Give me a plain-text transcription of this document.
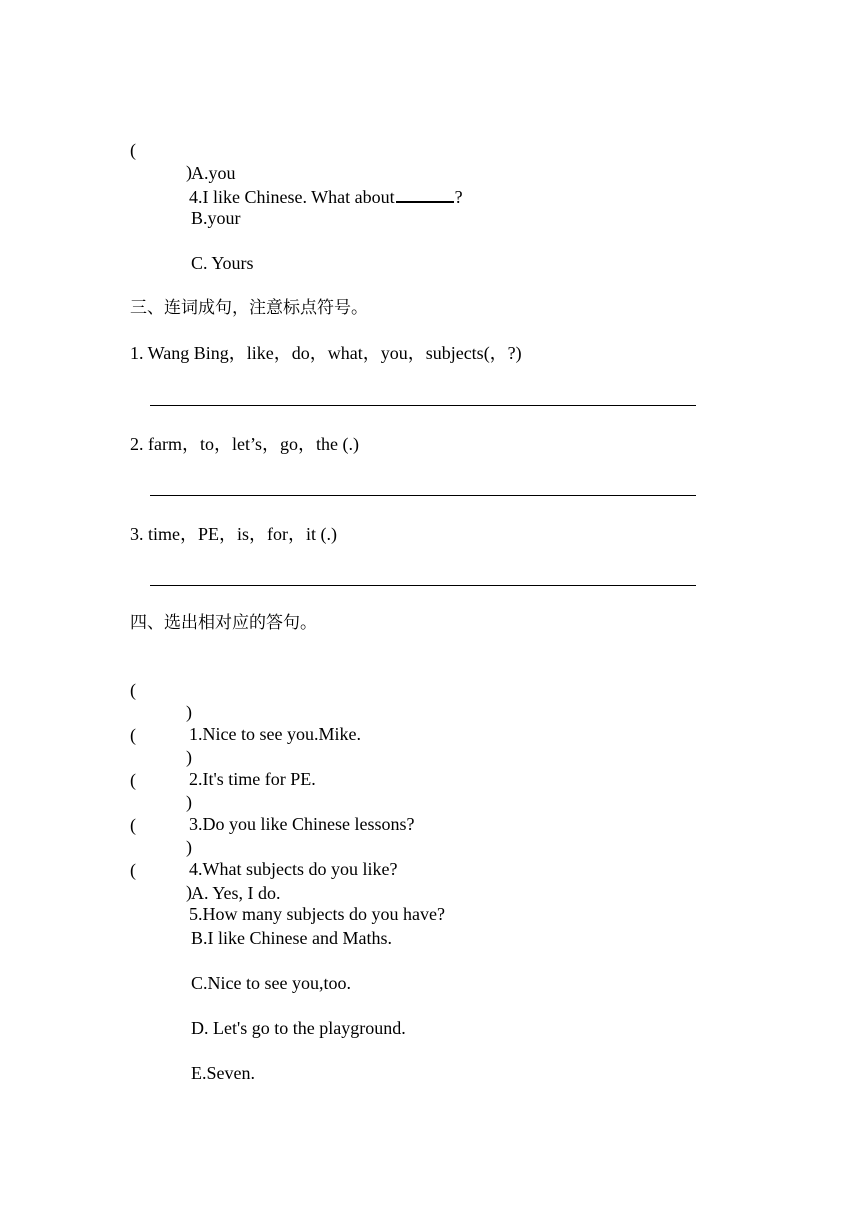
(

)

4.I like Chinese. What about	?

A.you
B.your
C. Yours
三、连词成句，注意标点符号。
1. Wang Bing，like，do，what，you，subjects(，?)
2. farm，to，let’s，go，the (.)
3. time，PE，is，for，it (.)
四、选出相对应的答句。

(

)

1.Nice to see you.Mike.

(

)

2.It's time for PE.

(

)

3.Do you like Chinese lessons?

(

)

4.What subjects do you like?

(

)

5.How many subjects do you have?

A. Yes, I do.
B.I like Chinese and Maths.
C.Nice to see you,too.
D. Let's go to the playground.
E.Seven.
